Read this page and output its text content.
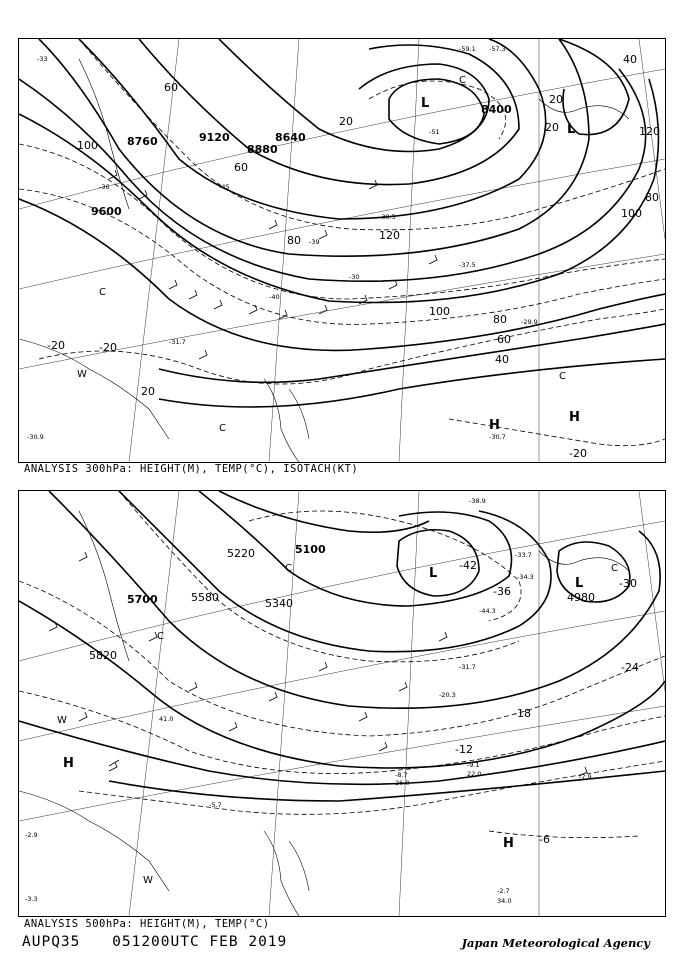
-33
-30.9
-31.7
-29.9
-37.5
-39.5
-45
-51
-30.7
-39
-36
-59.1 -57.3
-30
-40
9600
8760	9120
8880
8640
8400
100
60
60
80	120
100
80
60
40
20
120
100
80
40
-20	-20
20
-20
20
20
L
L
H
H
W
C
C
C
C
ANALYSIS 300hPa: HEIGHT(M), TEMP(°C), ISOTACH(KT)
-38.9
-33.7
-34.3
-44.3
-31.7
-20.3
-9.1
-7.9
-8.7
-2.7
-5.7
-3.3
-2.9
22.0
34.0
26.0
41.0
5700
5820
5580
5220	5100
5340	4980
-42
-36
-30
-24
-18
-12
-6
L
L
H
H
W
W
C	C
C
ANALYSIS 500hPa: HEIGHT(M), TEMP(°C)
AUPQ35 051200UTC FEB 2019	Japan Meteorological Agency
